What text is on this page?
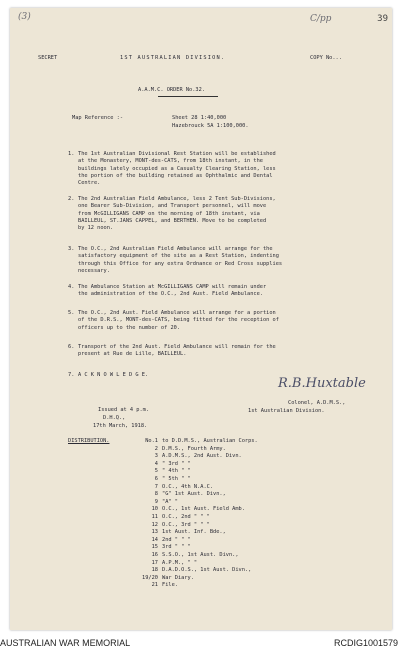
(3)	C/pp	39
SECRET	1ST AUSTRALIAN DIVISION.	COPY No...
A.A.M.C. ORDER No.32.
Map Reference :-	Sheet 28 1:40,000
Hazebrouck 5A 1:100,000.
1. The 1st Australian Divisional Rest Station will be established
at the Monastery, MONT-des-CATS, from 18th instant, in the
buildings lately occupied as a Casualty Clearing Station, less
the portion of the building retained as Ophthalmic and Dental
Centre.
2. The 2nd Australian Field Ambulance, less 2 Tent Sub-Divisions,
one Bearer Sub-Division, and Transport personnel, will move
from McGILLIGANS CAMP on the morning of 18th instant, via
BAILLEUL, ST.JANS CAPPEL, and BERTHEN. Move to be completed
by 12 noon.
3. The O.C., 2nd Australian Field Ambulance will arrange for the
satisfactory equipment of the site as a Rest Station, indenting
through this Office for any extra Ordnance or Red Cross supplies
necessary.
4. The Ambulance Station at McGILLIGANS CAMP will remain under
the administration of the O.C., 2nd Aust. Field Ambulance.
5. The O.C., 2nd Aust. Field Ambulance will arrange for a portion
of the D.R.S., MONT-des-CATS, being fitted for the reception of
officers up to the number of 20.
6. Transport of the 2nd Aust. Field Ambulance will remain for the
present at Rue de Lille, BAILLEUL.
7. A C K N O W L E D G E.
R.B.Huxtable
Colonel, A.D.M.S.,
1st Australian Division.
Issued at 4 p.m.
D.H.Q.,
17th March, 1918.
DISTRIBUTION.	No.1 to D.D.M.S., Australian Corps.
2 D.M.S., Fourth Army.
3 A.D.M.S., 2nd Aust. Divn.
4 " 3rd " "
5 " 4th " "
6 " 5th " "
7 O.C., 4th N.A.C.
8 "G" 1st Aust. Divn.,
9 "A" "
10 O.C., 1st Aust. Field Amb.
11 O.C., 2nd " " "
12 O.C., 3rd " " "
13 1st Aust. Inf. Bde.,
14 2nd " " "
15 3rd " " "
16 S.S.O., 1st Aust. Divn.,
17 A.P.M., " "
18 D.A.D.O.S., 1st Aust. Divn.,
19/20 War Diary.
21 File.
AUSTRALIAN WAR MEMORIAL	RCDIG1001579
